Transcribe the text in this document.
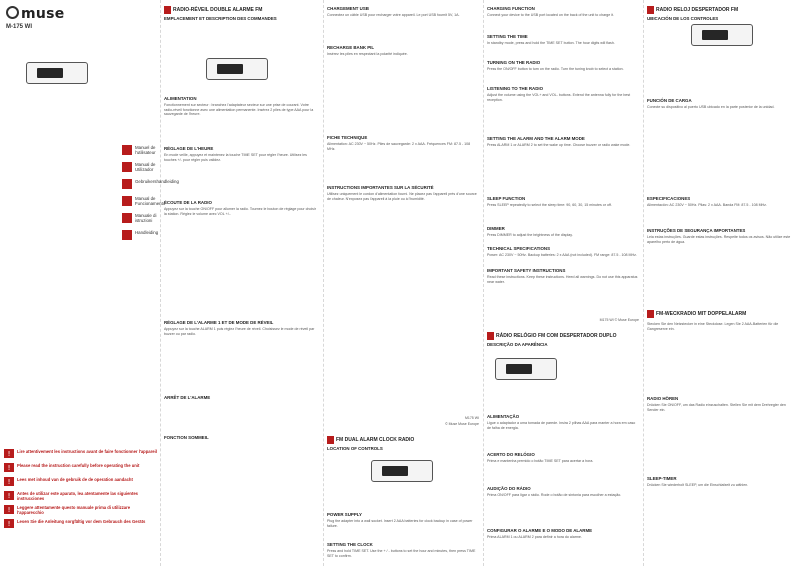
muse
M-175 WI
Manuel de l'utilisateur
Manual de Utilizador
Gebruikershandleiding
Manual de Funcionamento
Manuale di istruzioni
Handleiding
! Lire attentivement les instructions avant de faire fonctionner l'appareil
! Please read the instruction carefully before operating the unit
! Lees met inhoud van de gebruik de de operation aandacht
! Antes de utilizar este aparato, lea atentamente las siguientes instrucciones
! Leggere attentamente questo manuale prima di utilizzare l'apparecchio
! Lesen Sie die Anleitung sorgfältig vor dem Gebrauch des Geräts
RADIO-RÉVEIL DOUBLE ALARME FM
EMPLACEMENT ET DESCRIPTION DES COMMANDES
ALIMENTATION
Fonctionnement sur secteur : branchez l'adaptateur secteur sur une prise de courant. Votre radio-réveil fonctionne avec une alimentation permanente. Insérez 2 piles de type AAA pour la sauvegarde de l'heure.
RÉGLAGE DE L'HEURE
En mode veille, appuyez et maintenez la touche TIME SET pour régler l'heure. Utilisez les touches +/- pour régler puis validez.
ÉCOUTE DE LA RADIO
Appuyez sur la touche ON/OFF pour allumer la radio. Tournez le bouton de réglage pour choisir la station. Réglez le volume avec VOL +/-.
RÉGLAGE DE L'ALARME 1 ET DE MODE DE RÉVEIL
Appuyez sur la touche ALARM 1 puis réglez l'heure de réveil. Choisissez le mode de réveil par buzzer ou par radio.
ARRÊT DE L'ALARME
FONCTION SOMMEIL
CHARGEMENT USB
Connectez un câble USB pour recharger votre appareil. Le port USB fournit 5V, 1A.
RECHARGE BANK PIL
Insérez les piles en respectant la polarité indiquée.
FICHE TECHNIQUE
Alimentation: AC 230V ~ 50Hz. Piles de sauvegarde: 2 x AAA. Fréquences FM: 87.5 - 108 MHz.
INSTRUCTIONS IMPORTANTES SUR LA SÉCURITÉ
Utilisez uniquement le cordon d'alimentation fourni. Ne placez pas l'appareil près d'une source de chaleur. N'exposez pas l'appareil à la pluie ou à l'humidité.
FM DUAL ALARM CLOCK RADIO
LOCATION OF CONTROLS
POWER SUPPLY
Plug the adapter into a wall socket. Insert 2 AAA batteries for clock backup in case of power failure.
SETTING THE CLOCK
Press and hold TIME SET. Use the + / - buttons to set the hour and minutes, then press TIME SET to confirm.
M175 WI
© Muse Muse Europe
CHARGING FUNCTION
Connect your device to the USB port located on the back of the unit to charge it.
SETTING THE TIME
In standby mode, press and hold the TIME SET button. The hour digits will flash.
TURNING ON THE RADIO
Press the ON/OFF button to turn on the radio. Turn the tuning knob to select a station.
LISTENING TO THE RADIO
Adjust the volume using the VOL+ and VOL- buttons. Extend the antenna fully for the best reception.
SETTING THE ALARM AND THE ALARM MODE
Press ALARM 1 or ALARM 2 to set the wake up time. Choose buzzer or radio wake mode.
SLEEP FUNCTION
Press SLEEP repeatedly to select the sleep time: 90, 60, 30, 15 minutes or off.
DIMMER
Press DIMMER to adjust the brightness of the display.
TECHNICAL SPECIFICATIONS
Power: AC 230V ~ 50Hz. Backup batteries: 2 x AAA (not included). FM range: 87.5 - 108 MHz.
IMPORTANT SAFETY INSTRUCTIONS
Read these instructions. Keep these instructions. Heed all warnings. Do not use this apparatus near water.
RÁDIO RELÓGIO FM COM DESPERTADOR DUPLO
DESCRIÇÃO DA APARÊNCIA
ALIMENTAÇÃO
Ligue o adaptador a uma tomada de parede. Insira 2 pilhas AAA para manter a hora em caso de falha de energia.
ACERTO DO RELÓGIO
Prima e mantenha premido o botão TIME SET para acertar a hora.
AUDIÇÃO DO RÁDIO
Prima ON/OFF para ligar o rádio. Rode o botão de sintonia para escolher a estação.
CONFIGURAR O ALARME E O MODO DE ALARME
Prima ALARM 1 ou ALARM 2 para definir a hora do alarme.
M175 WI © Muse Europe
RADIO RELOJ DESPERTADOR FM
UBICACIÓN DE LOS CONTROLES
FUNCIÓN DE CARGA
Conecte su dispositivo al puerto USB ubicado en la parte posterior de la unidad.
ESPECIFICACIONES
Alimentación: AC 230V ~ 50Hz. Pilas: 2 x AAA. Banda FM: 87.5 - 108 MHz.
INSTRUÇÕES DE SEGURANÇA IMPORTANTES
Leia estas instruções. Guarde estas instruções. Respeite todos os avisos. Não utilize este aparelho perto de água.
FM-WECKRADIO MIT DOPPELALARM
Stecken Sie den Netzstecker in eine Steckdose. Legen Sie 2 AAA-Batterien für die Gangreserve ein.
RADIO HÖREN
Drücken Sie ON/OFF, um das Radio einzuschalten. Stellen Sie mit dem Drehregler den Sender ein.
SLEEP-TIMER
Drücken Sie wiederholt SLEEP, um die Einschlafzeit zu wählen.
